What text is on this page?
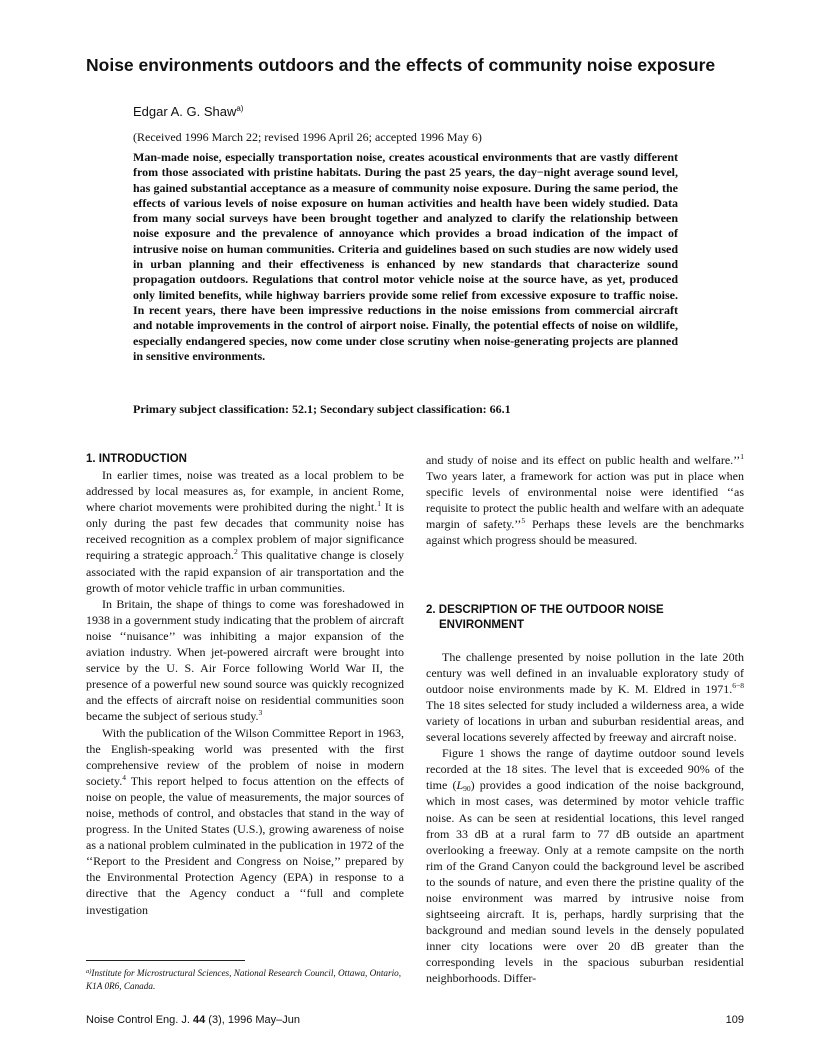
Noise environments outdoors and the effects of community noise exposure
Edgar A. G. Shaw$^{a)}$
(Received 1996 March 22; revised 1996 April 26; accepted 1996 May 6)

Man-made noise, especially transportation noise, creates acoustical environments that are vastly different from those associated with pristine habitats. During the past 25 years, the day−night average sound level, has gained substantial acceptance as a measure of community noise exposure. During the same period, the effects of various levels of noise exposure on human activities and health have been widely studied. Data from many social surveys have been brought together and analyzed to clarify the relationship between noise exposure and the prevalence of annoyance which provides a broad indication of the impact of intrusive noise on human communities. Criteria and guidelines based on such studies are now widely used in urban planning and their effectiveness is enhanced by new standards that characterize sound propagation outdoors. Regulations that control motor vehicle noise at the source have, as yet, produced only limited benefits, while highway barriers provide some relief from excessive exposure to traffic noise. In recent years, there have been impressive reductions in the noise emissions from commercial aircraft and notable improvements in the control of airport noise. Finally, the potential effects of noise on wildlife, especially endangered species, now come under close scrutiny when noise-generating projects are planned in sensitive environments.

Primary subject classification: 52.1; Secondary subject classification: 66.1
1. INTRODUCTION

In earlier times, noise was treated as a local problem to be addressed by local measures as, for example, in ancient Rome, where chariot movements were prohibited during the night.$^1$ It is only during the past few decades that community noise has received recognition as a complex problem of major significance requiring a strategic approach.$^2$ This qualitative change is closely associated with the rapid expansion of air transportation and the growth of motor vehicle traffic in urban communities.

In Britain, the shape of things to come was foreshadowed in 1938 in a government study indicating that the problem of aircraft noise ‘‘nuisance’’ was inhibiting a major expansion of the aviation industry. When jet-powered aircraft were brought into service by the U. S. Air Force following World War II, the presence of a powerful new sound source was quickly recognized and the effects of aircraft noise on residential communities soon became the subject of serious study.$^3$

With the publication of the Wilson Committee Report in 1963, the English-speaking world was presented with the first comprehensive review of the problem of noise in modern society.$^4$ This report helped to focus attention on the effects of noise on people, the value of measurements, the major sources of noise, methods of control, and obstacles that stand in the way of progress. In the United States (U.S.), growing awareness of noise as a national problem culminated in the publication in 1972 of the ‘‘Report to the President and Congress on Noise,’’ prepared by the Environmental Protection Agency (EPA) in response to a directive that the Agency conduct a ‘‘full and complete investigation

and study of noise and its effect on public health and welfare.’’$^1$ Two years later, a framework for action was put in place when specific levels of environmental noise were identified ‘‘as requisite to protect the public health and welfare with an adequate margin of safety.’’$^5$ Perhaps these levels are the benchmarks against which progress should be measured.

2. DESCRIPTION OF THE OUTDOOR NOISE ENVIRONMENT

The challenge presented by noise pollution in the late 20th century was well defined in an invaluable exploratory study of outdoor noise environments made by K. M. Eldred in 1971.$^{6-8}$ The 18 sites selected for study included a wilderness area, a wide variety of locations in urban and suburban residential areas, and several locations severely affected by freeway and aircraft noise.

Figure 1 shows the range of daytime outdoor sound levels recorded at the 18 sites. The level that is exceeded 90% of the time $(L_{90})$ provides a good indication of the noise background, which in most cases, was determined by motor vehicle traffic noise. As can be seen at residential locations, this level ranged from 33 dB at a rural farm to 77 dB outside an apartment overlooking a freeway. Only at a remote campsite on the north rim of the Grand Canyon could the background level be ascribed to the sounds of nature, and even there the pristine quality of the noise environment was marred by intrusive noise from sightseeing aircraft. It is, perhaps, hardly surprising that the background and median sound levels in the densely populated inner city locations were over 20 dB greater than the corresponding levels in the spacious suburban residential neighborhoods. Differ-

$^{a)}$Institute for Microstructural Sciences, National Research Council, Ottawa, Ontario, K1A 0R6, Canada.
Noise Control Eng. J. 44 (3), 1996 May–Jun	109
